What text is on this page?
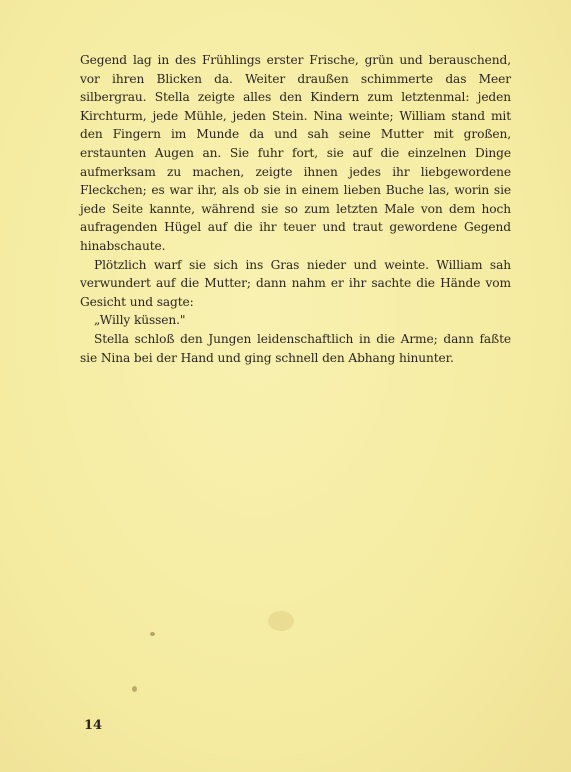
Gegend lag in des Frühlings erster Frische, grün und berauschend, vor ihren Blicken da. Weiter draußen schimmerte das Meer silbergrau. Stella zeigte alles den Kindern zum letztenmal: jeden Kirchturm, jede Mühle, jeden Stein. Nina weinte; William stand mit den Fingern im Munde da und sah seine Mutter mit großen, erstaunten Augen an. Sie fuhr fort, sie auf die einzelnen Dinge aufmerksam zu machen, zeigte ihnen jedes ihr liebgewordene Fleckchen; es war ihr, als ob sie in einem lieben Buche las, worin sie jede Seite kannte, während sie so zum letzten Male von dem hoch aufragenden Hügel auf die ihr teuer und traut gewordene Gegend hinabschaute.

Plötzlich warf sie sich ins Gras nieder und weinte. William sah verwundert auf die Mutter; dann nahm er ihr sachte die Hände vom Gesicht und sagte:

„Willy küssen."

Stella schloß den Jungen leidenschaftlich in die Arme; dann faßte sie Nina bei der Hand und ging schnell den Abhang hinunter.

14
